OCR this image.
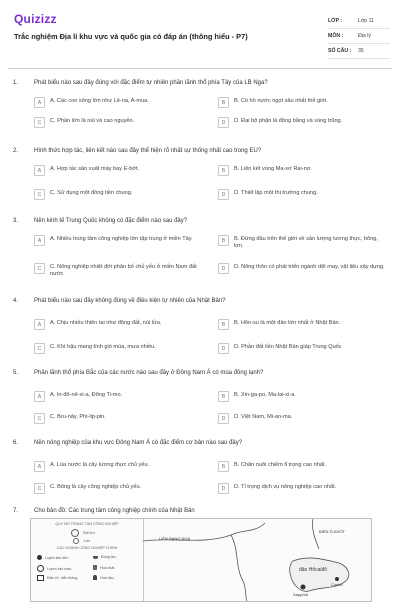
Quizizz
Trắc nghiệm Địa lí khu vực và quốc gia có đáp án (thông hiểu - P7)
LỚP :	Lớp 11
MÔN :	Địa lý
SỐ CÂU :	35
1.	Phát biểu nào sau đây đúng với đặc điểm tự nhiên phần lãnh thổ phía Tây của LB Nga?
A	A. Các con sông lớn như Lê-na, A-mua.	B	B. Có hồ nước ngọt sâu nhất thế giới.
C	C. Phần lớn là núi và cao nguyên.	D	D. Đại bộ phận là đồng bằng và vùng trũng.
2.	Hình thức hợp tác, liên kết nào sau đây thể hiện rõ nhất sự thống nhất cao trong EU?
A	A. Hợp tác sản xuất máy bay E-bớt.	B	B. Liên kết vùng Ma-xơ Rai-nơ.
C	C. Sử dụng một đồng tiền chung.	D	D. Thiết lập một thị trường chung.
3.	Nền kinh tế Trung Quốc không có đặc điểm nào sau đây?
A	A. Nhiều trung tâm công nghiệp lớn tập trung ở miền Tây.	B	B. Đứng đầu trên thế giới về sản lượng lương thực, bông, lợn.
C	C. Nông nghiệp nhiệt đới phân bố chủ yếu ở miền Nam đất nước
D	D. Nông thôn có phát triển ngành dệt may, vật liệu xây dựng.
4.	Phát biểu nào sau đây không đúng về điều kiện tự nhiên của Nhật Bản?
A	A. Chịu nhiều thiên tai như động đất, núi lửa.	B	B. Hôn-su là một đảo lớn nhất ở Nhật Bản.
C	C. Khí hậu mang tính gió mùa, mưa nhiều.	D	D. Phần đất liền Nhật Bản giáp Trung Quốc
5.	Phần lãnh thổ phía Bắc của các nước nào sau đây ở Đông Nam Á có mùa đông lạnh?
A	A. In-đô-nê-xi-a, Đông Ti-mo.	B	B. Xin-ga-po, Ma-lai-xi-a.
C	C. Bru-nây, Phi-lip-pin.	D	D. Việt Nam, Mi-an-ma.
6.	Nền nông nghiệp của khu vực Đông Nam Á có đặc điểm cơ bản nào sau đây?
A	A. Lúa nước là cây lương thực chủ yếu.	B	B. Chăn nuôi chiếm tỉ trọng cao nhất.
C	C. Bông là cây công nghiệp chủ yếu.	D	D. Tỉ trọng dịch vụ nông nghiệp cao nhất.
7.	Cho bản đồ: Các trung tâm công nghiệp chính của Nhật Bản
QUY MÔ TRUNG TÂM CÔNG NGHIỆP
Rất lớn
Lớn
CÁC NGÀNH CÔNG NGHIỆP CHÍNH
Luyện kim đen	Đóng tàu
Luyện kim màu	Hoá chất
Điện tử, viễn thông	Hoá dầu
LIÊN BANG NGA
BIỂN Ô-KHỐT
đảo Hôcaiđô
Cusiro
Xappôrô
